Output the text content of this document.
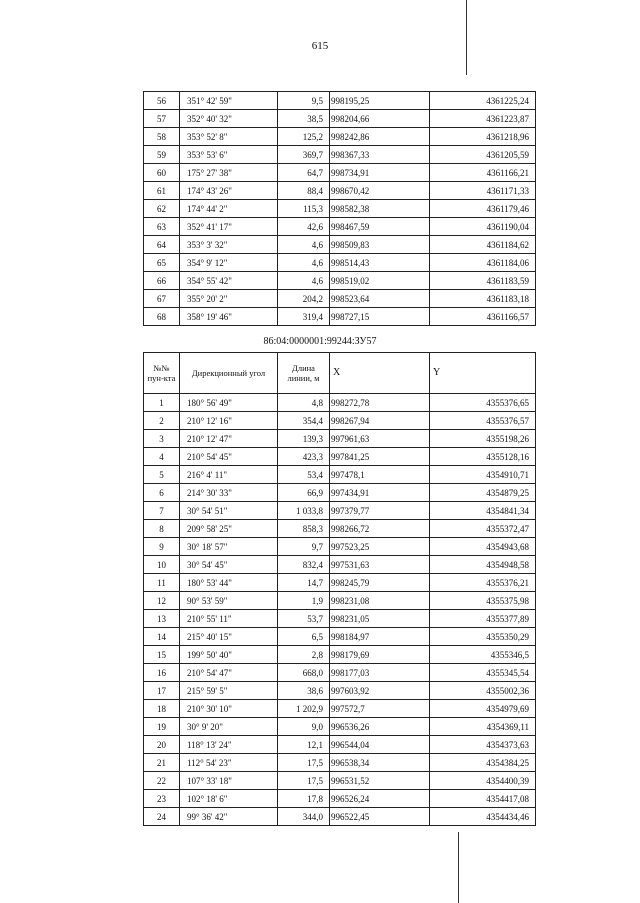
615
56	351° 42' 59"	9,5	998195,25	4361225,24
57	352° 40' 32"	38,5	998204,66	4361223,87
58	353° 52' 8"	125,2	998242,86	4361218,96
59	353° 53' 6"	369,7	998367,33	4361205,59
60	175° 27' 38"	64,7	998734,91	4361166,21
61	174° 43' 26"	88,4	998670,42	4361171,33
62	174° 44' 2"	115,3	998582,38	4361179,46
63	352° 41' 17"	42,6	998467,59	4361190,04
64	353° 3' 32"	4,6	998509,83	4361184,62
65	354° 9' 12"	4,6	998514,43	4361184,06
66	354° 55' 42"	4,6	998519,02	4361183,59
67	355° 20' 2"	204,2	998523,64	4361183,18
68	358° 19' 46"	319,4	998727,15	4361166,57
86:04:0000001:99244:ЗУ57
№№ пун-кта	Дирекционный угол	Длина линии, м	X	Y
1	180° 56' 49"	4,8	998272,78	4355376,65
2	210° 12' 16"	354,4	998267,94	4355376,57
3	210° 12' 47"	139,3	997961,63	4355198,26
4	210° 54' 45"	423,3	997841,25	4355128,16
5	216° 4' 11"	53,4	997478,1	4354910,71
6	214° 30' 33"	66,9	997434,91	4354879,25
7	30° 54' 51"	1 033,8	997379,77	4354841,34
8	209° 58' 25"	858,3	998266,72	4355372,47
9	30° 18' 57"	9,7	997523,25	4354943,68
10	30° 54' 45"	832,4	997531,63	4354948,58
11	180° 53' 44"	14,7	998245,79	4355376,21
12	90° 53' 59"	1,9	998231,08	4355375,98
13	210° 55' 11"	53,7	998231,05	4355377,89
14	215° 40' 15"	6,5	998184,97	4355350,29
15	199° 50' 40"	2,8	998179,69	4355346,5
16	210° 54' 47"	668,0	998177,03	4355345,54
17	215° 59' 5"	38,6	997603,92	4355002,36
18	210° 30' 10"	1 202,9	997572,7	4354979,69
19	30° 9' 20"	9,0	996536,26	4354369,11
20	118° 13' 24"	12,1	996544,04	4354373,63
21	112° 54' 23"	17,5	996538,34	4354384,25
22	107° 33' 18"	17,5	996531,52	4354400,39
23	102° 18' 6"	17,8	996526,24	4354417,08
24	99° 36' 42"	344,0	996522,45	4354434,46
